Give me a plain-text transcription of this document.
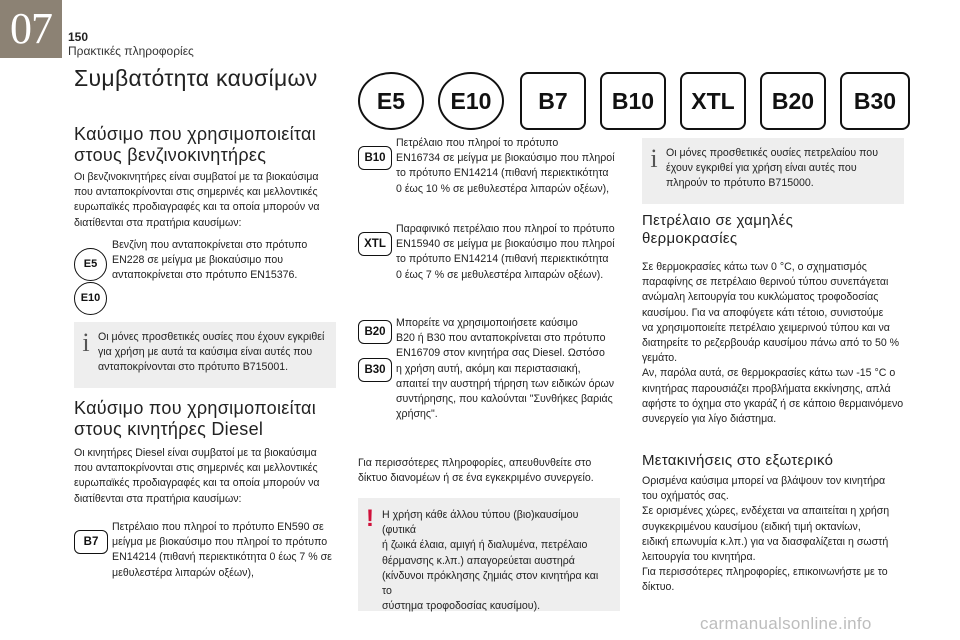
07	150
Πρακτικές πληροφορίες
Συμβατότητα καυσίμων
E5	E10	B7	B10	XTL	B20	B30
Καύσιμο που χρησιμοποιείται
στους βενζινοκινητήρες
Οι βενζινοκινητήρες είναι συμβατοί με τα βιοκαύσιμα
που ανταποκρίνονται στις σημερινές και μελλοντικές
ευρωπαϊκές προδιαγραφές και τα οποία μπορούν να
διατίθενται στα πρατήρια καυσίμων:
E5
E10
Βενζίνη που ανταποκρίνεται στο πρότυπο
EN228 σε μείγμα με βιοκαύσιμο που
ανταποκρίνεται στο πρότυπο EN15376.
i Οι μόνες προσθετικές ουσίες που έχουν εγκριθεί
για χρήση με αυτά τα καύσιμα είναι αυτές που
ανταποκρίνονται στο πρότυπο B715001.
Καύσιμο που χρησιμοποιείται
στους κινητήρες Diesel
Οι κινητήρες Diesel είναι συμβατοί με τα βιοκαύσιμα
που ανταποκρίνονται στις σημερινές και μελλοντικές
ευρωπαϊκές προδιαγραφές και τα οποία μπορούν να
διατίθενται στα πρατήρια καυσίμων:
B7
Πετρέλαιο που πληροί το πρότυπο EN590 σε
μείγμα με βιοκαύσιμο που πληροί το πρότυπο
EN14214 (πιθανή περιεκτικότητα 0 έως 7 % σε
μεθυλεστέρα λιπαρών οξέων),
B10
Πετρέλαιο που πληροί το πρότυπο
EN16734 σε μείγμα με βιοκαύσιμο που πληροί
το πρότυπο EN14214 (πιθανή περιεκτικότητα
0 έως 10 % σε μεθυλεστέρα λιπαρών οξέων),
XTL
Παραφινικό πετρέλαιο που πληροί το πρότυπο
EN15940 σε μείγμα με βιοκαύσιμο που πληροί
το πρότυπο EN14214 (πιθανή περιεκτικότητα
0 έως 7 % σε μεθυλεστέρα λιπαρών οξέων).
B20
B30
Μπορείτε να χρησιμοποιήσετε καύσιμο
B20 ή B30 που ανταποκρίνεται στο πρότυπο
EN16709 στον κινητήρα σας Diesel. Ωστόσο
η χρήση αυτή, ακόμη και περιστασιακή,
απαιτεί την αυστηρή τήρηση των ειδικών όρων
συντήρησης, που καλούνται "Συνθήκες βαριάς
χρήσης".
Για περισσότερες πληροφορίες, απευθυνθείτε στο
δίκτυο διανομέων ή σε ένα εγκεκριμένο συνεργείο.
! Η χρήση κάθε άλλου τύπου (βιο)καυσίμου (φυτικά
ή ζωικά έλαια, αμιγή ή διαλυμένα, πετρέλαιο
θέρμανσης κ.λπ.) απαγορεύεται αυστηρά
(κίνδυνοι πρόκλησης ζημιάς στον κινητήρα και το
σύστημα τροφοδοσίας καυσίμου).
i Οι μόνες προσθετικές ουσίες πετρελαίου που
έχουν εγκριθεί για χρήση είναι αυτές που
πληρούν το πρότυπο B715000.
Πετρέλαιο σε χαμηλές
θερμοκρασίες
Σε θερμοκρασίες κάτω των 0 °C, ο σχηματισμός
παραφίνης σε πετρέλαιο θερινού τύπου συνεπάγεται
ανώμαλη λειτουργία του κυκλώματος τροφοδοσίας
καυσίμου. Για να αποφύγετε κάτι τέτοιο, συνιστούμε
να χρησιμοποιείτε πετρέλαιο χειμερινού τύπου και να
διατηρείτε το ρεζερβουάρ καυσίμου πάνω από το 50 %
γεμάτο.
Αν, παρόλα αυτά, σε θερμοκρασίες κάτω των -15 °C ο
κινητήρας παρουσιάζει προβλήματα εκκίνησης, απλά
αφήστε το όχημα στο γκαράζ ή σε κάποιο θερμαινόμενο
συνεργείο για λίγο διάστημα.
Μετακινήσεις στο εξωτερικό
Ορισμένα καύσιμα μπορεί να βλάψουν τον κινητήρα
του οχήματός σας.
Σε ορισμένες χώρες, ενδέχεται να απαιτείται η χρήση
συγκεκριμένου καυσίμου (ειδική τιμή οκτανίων,
ειδική επωνυμία κ.λπ.) για να διασφαλίζεται η σωστή
λειτουργία του κινητήρα.
Για περισσότερες πληροφορίες, επικοινωνήστε με το
δίκτυο.
carmanualsonline.info
